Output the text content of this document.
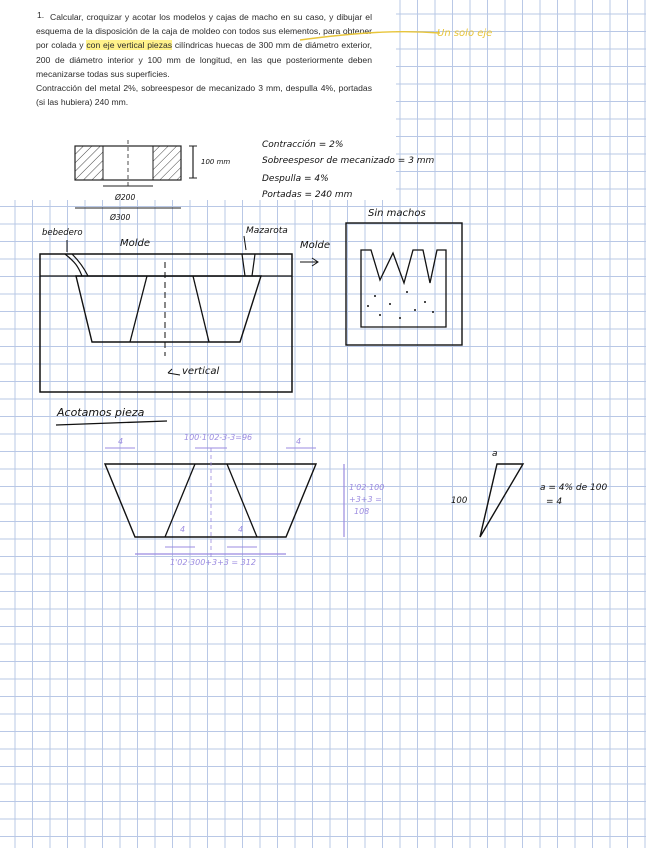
1. Calcular, croquizar y acotar los modelos y cajas de macho en su caso, y dibujar el esquema de la disposición de la caja de moldeo con todos sus elementos, para obtener por colada y con eje vertical piezas cilíndricas huecas de 300 mm de diámetro exterior, 200 de diámetro interior y 100 mm de longitud, en las que posteriormente deben mecanizarse todas sus superficies.

Contracción del metal 2%, sobreespesor de mecanizado 3 mm, despulla 4%, portadas (si las hubiera) 240 mm.

Un solo eje
100 mm
Ø200
Ø300
Contracción = 2%
Sobreespesor de mecanizado = 3 mm
Despulla = 4%
Portadas = 240 mm
bebedero
Molde
Mazarota
Molde
vertical
Sin machos
Acotamos pieza
100·1'02-3-3=96
4	4
4	4
1'02·100
+3+3 =
108
1'02·300+3+3 = 312
a
100
a = 4% de 100
= 4
